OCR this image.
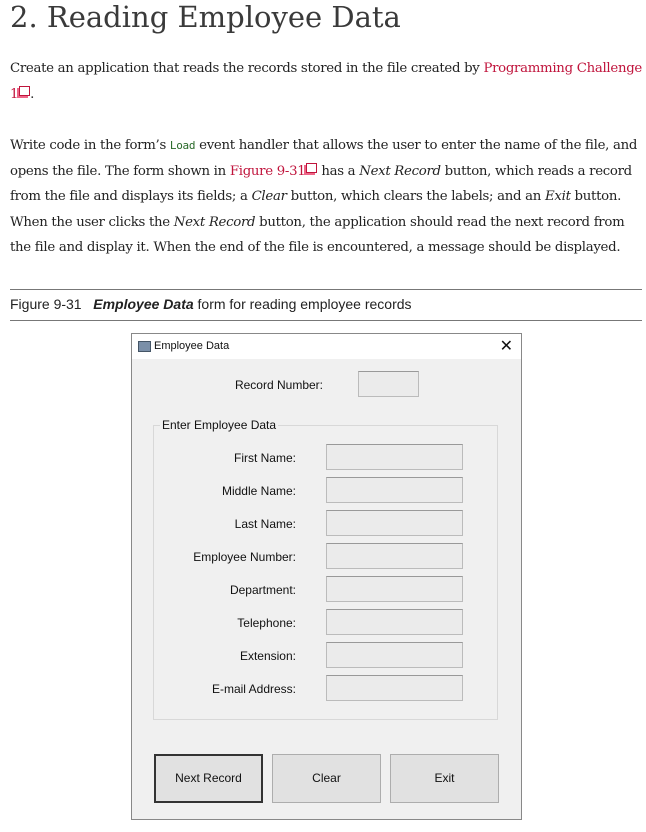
2. Reading Employee Data
Create an application that reads the records stored in the file created by Programming Challenge 1 .
Write code in the form’s Load event handler that allows the user to enter the name of the file, and opens the file. The form shown in Figure 9-31 has a Next Record button, which reads a record from the file and displays its fields; a Clear button, which clears the labels; and an Exit button. When the user clicks the Next Record button, the application should read the next record from the file and display it. When the end of the file is encountered, a message should be displayed.
Figure 9-31 Employee Data form for reading employee records
Employee Data	✕
Record Number:
Enter Employee Data
First Name:
Middle Name:
Last Name:
Employee Number:
Department:
Telephone:
Extension:
E-mail Address:
Next Record	Clear	Exit
